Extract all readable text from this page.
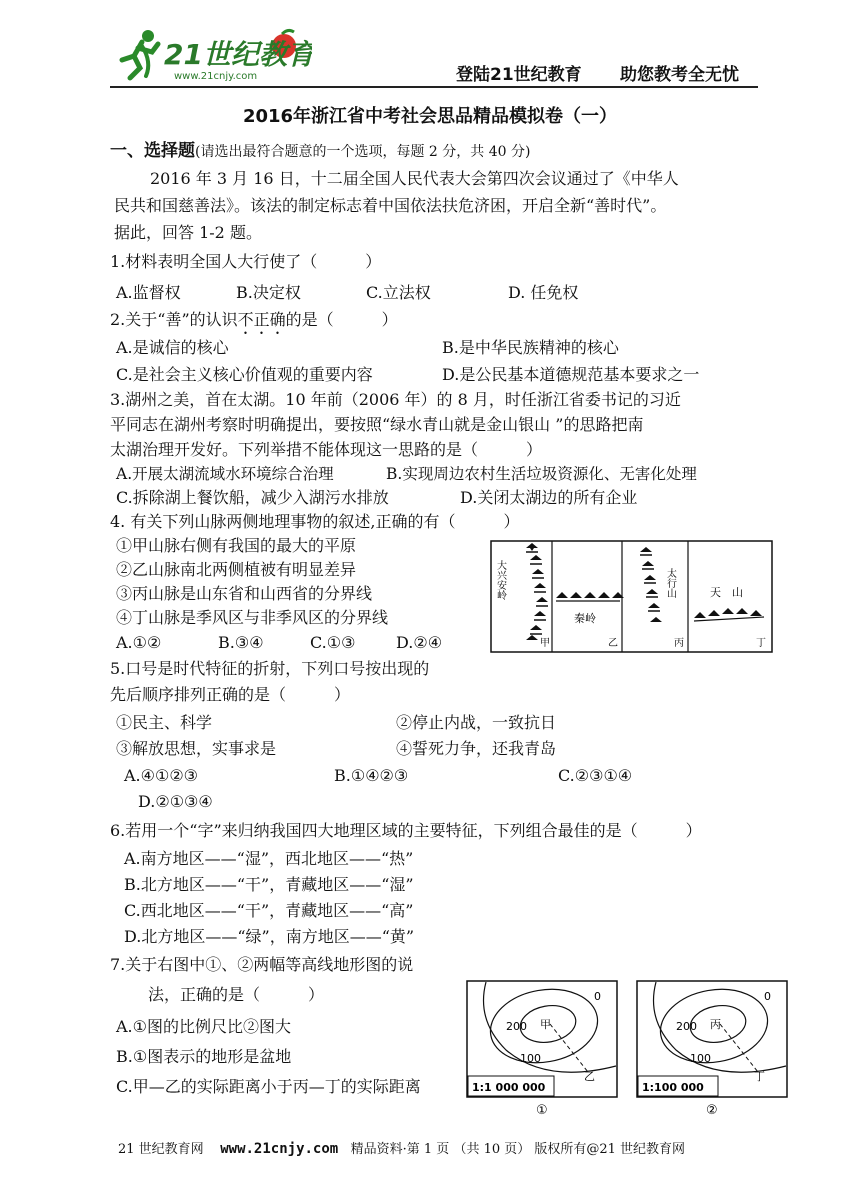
21世纪教育
www.21cnjy.com	登陆21世纪教育 助您教考全无忧
2016年浙江省中考社会思品精品模拟卷（一）
一、选择题(请选出最符合题意的一个选项，每题 2 分，共 40 分)
2016 年 3 月 16 日，十二届全国人民代表大会第四次会议通过了《中华人
民共和国慈善法》。该法的制定标志着中国依法扶危济困，开启全新“善时代”。
据此，回答 1-2 题。
1.材料表明全国人大行使了（　　　）
A.监督权	B.决定权	C.立法权	D. 任免权
2.关于“善”的认识不正确的是（　　　）
A.是诚信的核心	B.是中华民族精神的核心
C.是社会主义核心价值观的重要内容	D.是公民基本道德规范基本要求之一
3.湖州之美，首在太湖。10 年前（2006 年）的 8 月，时任浙江省委书记的习近
平同志在湖州考察时明确提出，要按照“绿水青山就是金山银山 ”的思路把南
太湖治理开发好。下列举措不能体现这一思路的是（　　　）
A.开展太湖流域水环境综合治理	B.实现周边农村生活垃圾资源化、无害化处理
C.拆除湖上餐饮船，减少入湖污水排放	D.关闭太湖边的所有企业
4. 有关下列山脉两侧地理事物的叙述,正确的有（　　　）
①甲山脉右侧有我国的最大的平原
②乙山脉南北两侧植被有明显差异
③丙山脉是山东省和山西省的分界线
④丁山脉是季风区与非季风区的分界线
A.①②	B.③④	C.①③	D.②④
大兴安岭
甲
秦岭
乙
太行山
丙
天　山
丁
5.口号是时代特征的折射，下列口号按出现的
先后顺序排列正确的是（　　　）
①民主、科学	②停止内战，一致抗日
③解放思想，实事求是	④誓死力争，还我青岛
A.④①②③	B.①④②③	C.②③①④
D.②①③④
6.若用一个“字”来归纳我国四大地理区域的主要特征，下列组合最佳的是（　　　）
A.南方地区——“湿”，西北地区——“热”
B.北方地区——“干”，青藏地区——“湿”
C.西北地区——“干”，青藏地区——“高”
D.北方地区——“绿”，南方地区——“黄”
7.关于右图中①、②两幅等高线地形图的说
法，正确的是（　　　）
A.①图的比例尺比②图大
B.①图表示的地形是盆地
C.甲—乙的实际距离小于丙—丁的实际距离
0
100
200 甲
乙
1:1 000 000
①
0
100
200 丙
丁
1:100 000
②
21 世纪教育网 www.21cnjy.com 精品资料·第 1 页 （共 10 页） 版权所有@21 世纪教育网
